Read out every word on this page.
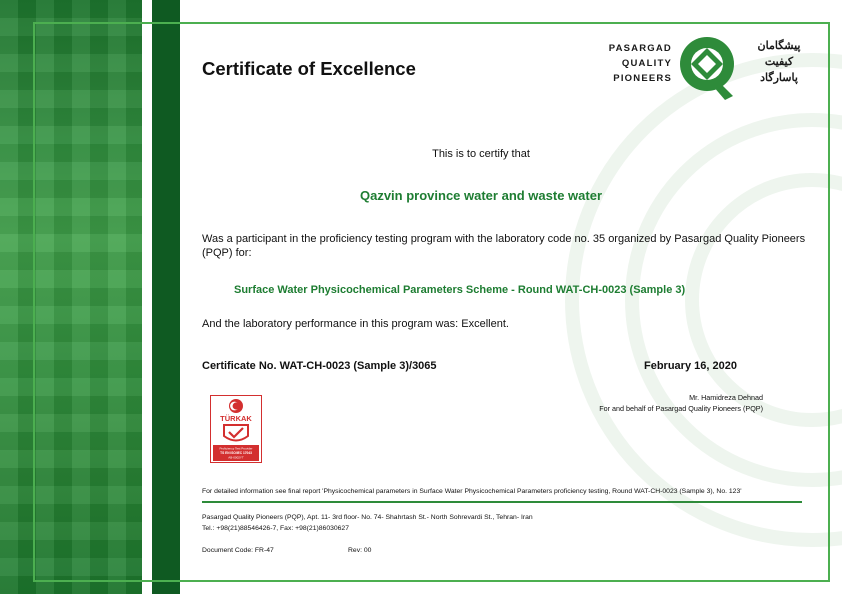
Certificate of Excellence
PASARGAD
QUALITY
PIONEERS
پیشگامان
کیفیت
پاسارگاد
This is to certify that
Qazvin province water and waste water
Was a participant in the proficiency testing program with the laboratory code no. 35 organized by Pasargad Quality Pioneers (PQP) for:
Surface Water Physicochemical Parameters Scheme - Round WAT-CH-0023 (Sample 3)
And the laboratory performance in this program was: Excellent.
Certificate No. WAT-CH-0023 (Sample 3)/3065	February 16, 2020
Mr. Hamidreza Dehnad
For and behalf of Pasargad Quality Pioneers (PQP)
TÜRKAK
Proficiency Test Provider
TS EN ISO/IEC 17043
AB-0002YT
For detailed information see final report 'Physicochemical parameters in Surface Water Physicochemical Parameters proficiency testing, Round WAT-CH-0023 (Sample 3), No. 123'
Pasargad Quality Pioneers (PQP), Apt. 11- 3rd floor- No. 74- Shahrtash St.- North Sohrevardi St., Tehran- Iran
Tel.: +98(21)88546426-7, Fax: +98(21)86030627
Document Code: FR-47	Rev: 00
